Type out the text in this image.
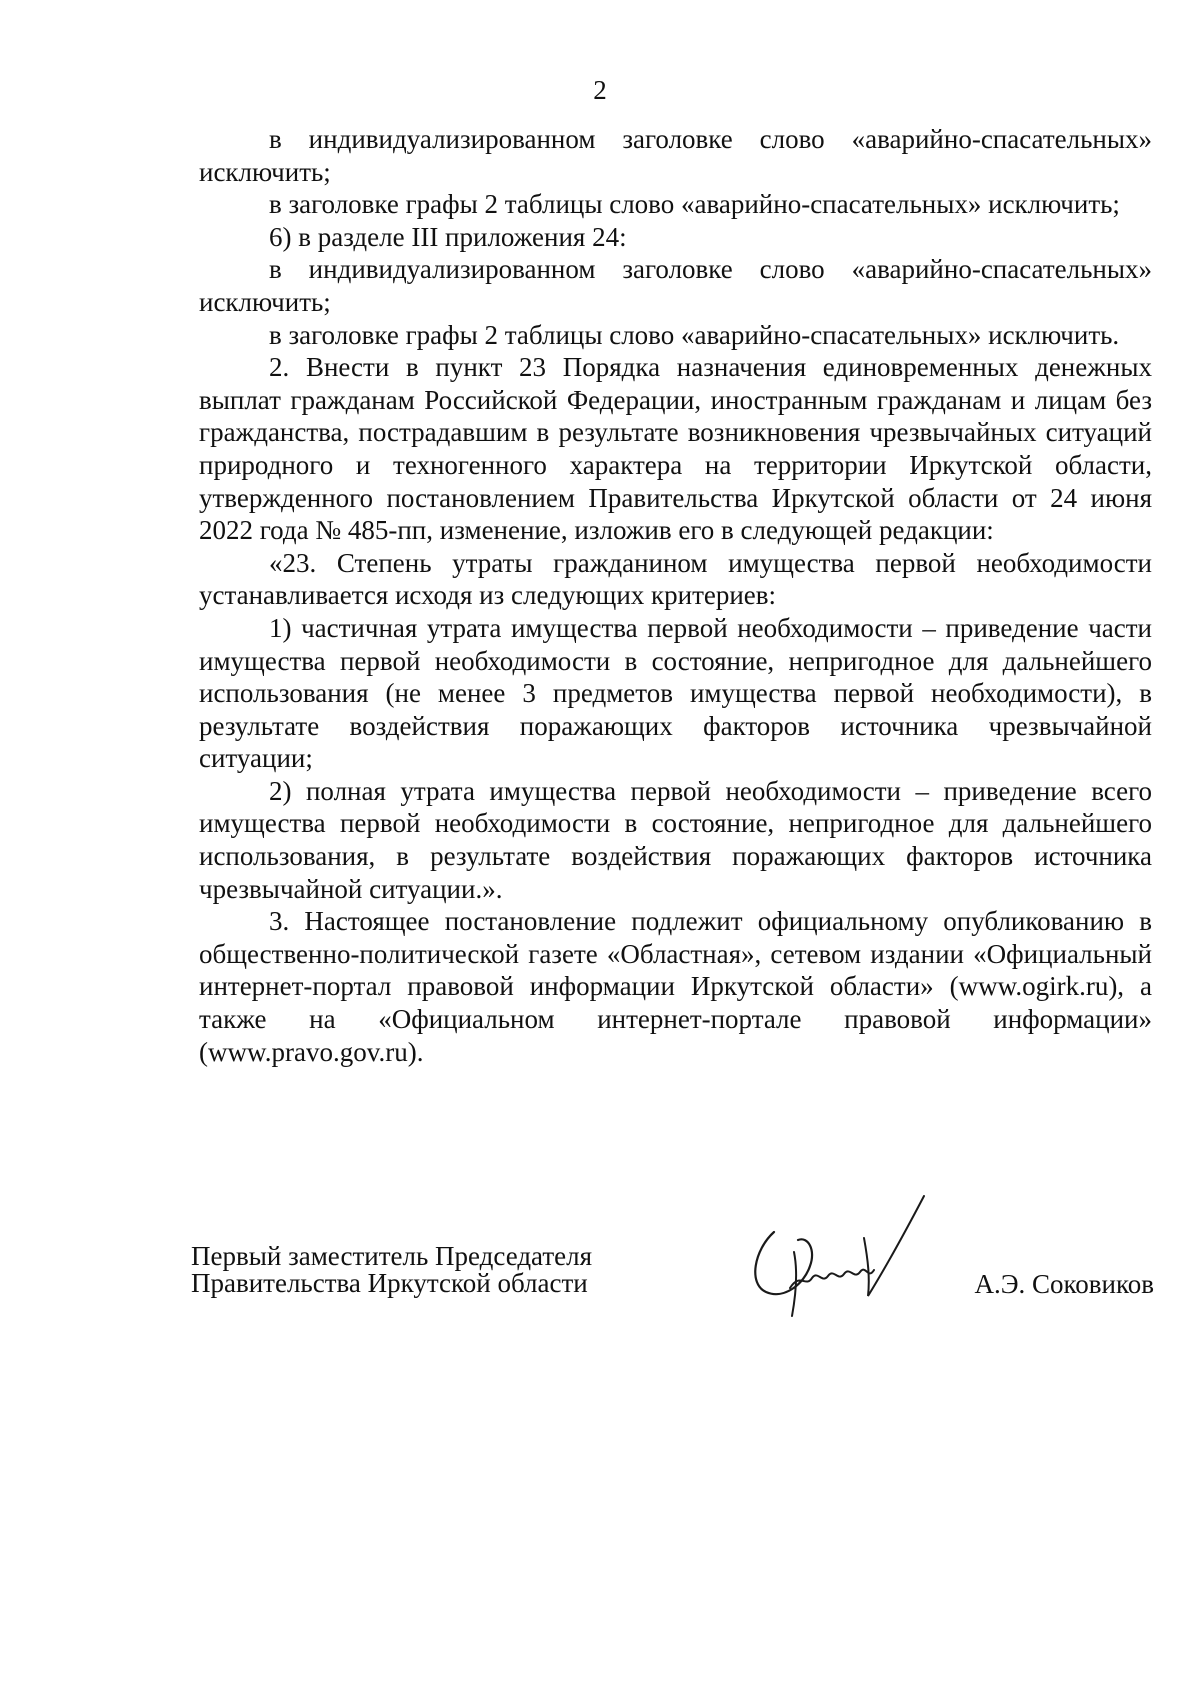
2

в индивидуализированном заголовке слово «аварийно-спасательных» исключить;

в заголовке графы 2 таблицы слово «аварийно-спасательных» исключить;

6) в разделе III приложения 24:

в индивидуализированном заголовке слово «аварийно-спасательных» исключить;

в заголовке графы 2 таблицы слово «аварийно-спасательных» исключить.

2. Внести в пункт 23 Порядка назначения единовременных денежных выплат гражданам Российской Федерации, иностранным гражданам и лицам без гражданства, пострадавшим в результате возникновения чрезвычайных ситуаций природного и техногенного характера на территории Иркутской области, утвержденного постановлением Правительства Иркутской области от 24 июня 2022 года № 485-пп, изменение, изложив его в следующей редакции:

«23. Степень утраты гражданином имущества первой необходимости устанавливается исходя из следующих критериев:

1) частичная утрата имущества первой необходимости – приведение части имущества первой необходимости в состояние, непригодное для дальнейшего использования (не менее 3 предметов имущества первой необходимости), в результате воздействия поражающих факторов источника чрезвычайной ситуации;

2) полная утрата имущества первой необходимости – приведение всего имущества первой необходимости в состояние, непригодное для дальнейшего использования, в результате воздействия поражающих факторов источника чрезвычайной ситуации.».

3. Настоящее постановление подлежит официальному опубликованию в общественно-политической газете «Областная», сетевом издании «Официальный интернет-портал правовой информации Иркутской области» (www.ogirk.ru), а также на «Официальном интернет-портале правовой информации» (www.pravo.gov.ru).

Первый заместитель Председателя
Правительства Иркутской области	А.Э. Соковиков
